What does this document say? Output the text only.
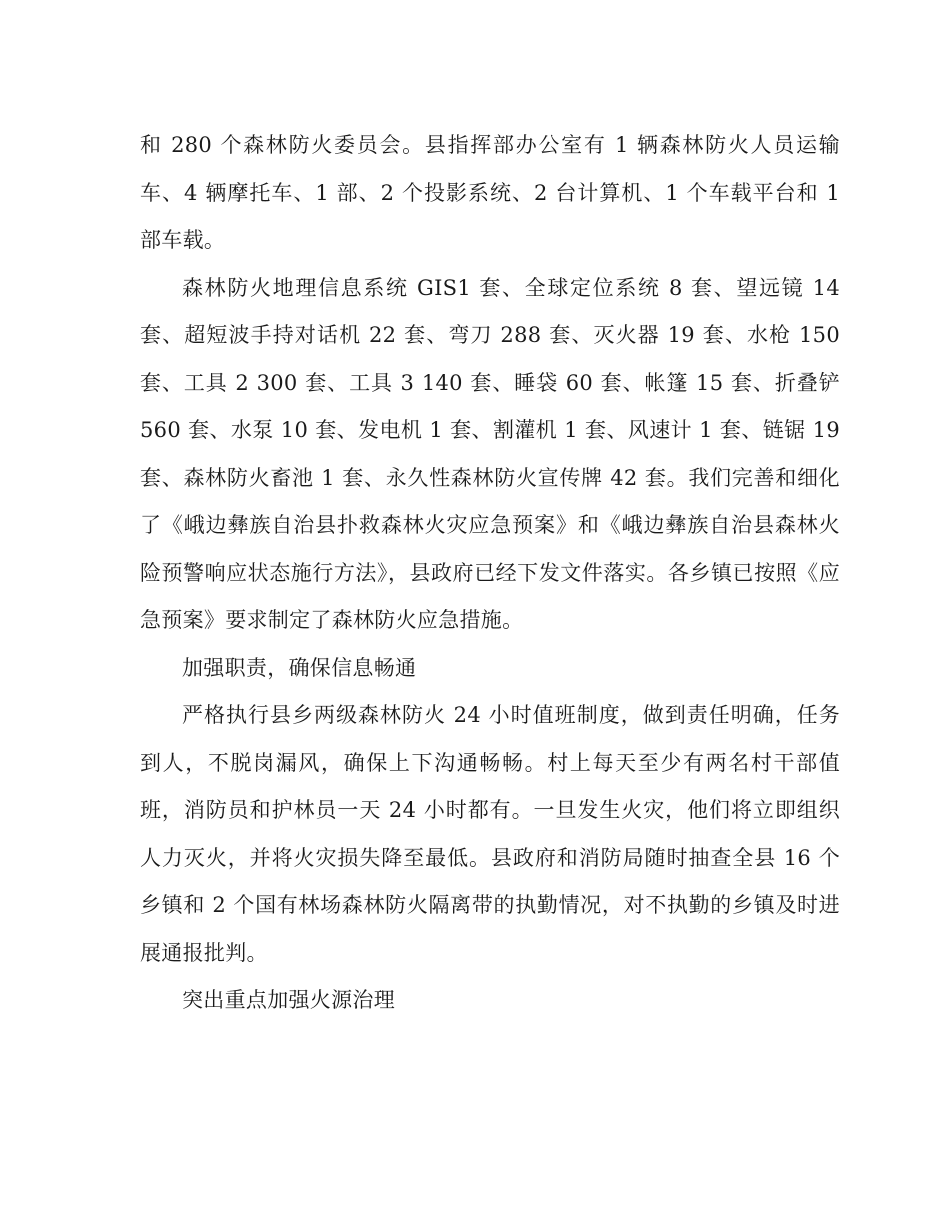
和 280 个森林防火委员会。县指挥部办公室有 1 辆森林防火人员运输车、4 辆摩托车、1 部、2 个投影系统、2 台计算机、1 个车载平台和 1 部车载。

森林防火地理信息系统 GIS1 套、全球定位系统 8 套、望远镜 14 套、超短波手持对话机 22 套、弯刀 288 套、灭火器 19 套、水枪 150 套、工具 2 300 套、工具 3 140 套、睡袋 60 套、帐篷 15 套、折叠铲 560 套、水泵 10 套、发电机 1 套、割灌机 1 套、风速计 1 套、链锯 19 套、森林防火畜池 1 套、永久性森林防火宣传牌 42 套。我们完善和细化了《峨边彝族自治县扑救森林火灾应急预案》和《峨边彝族自治县森林火险预警响应状态施行方法》，县政府已经下发文件落实。各乡镇已按照《应急预案》要求制定了森林防火应急措施。

加强职责，确保信息畅通

严格执行县乡两级森林防火 24 小时值班制度，做到责任明确，任务到人，不脱岗漏风，确保上下沟通畅畅。村上每天至少有两名村干部值班，消防员和护林员一天 24 小时都有。一旦发生火灾，他们将立即组织人力灭火，并将火灾损失降至最低。县政府和消防局随时抽查全县 16 个乡镇和 2 个国有林场森林防火隔离带的执勤情况，对不执勤的乡镇及时进展通报批判。

突出重点加强火源治理
